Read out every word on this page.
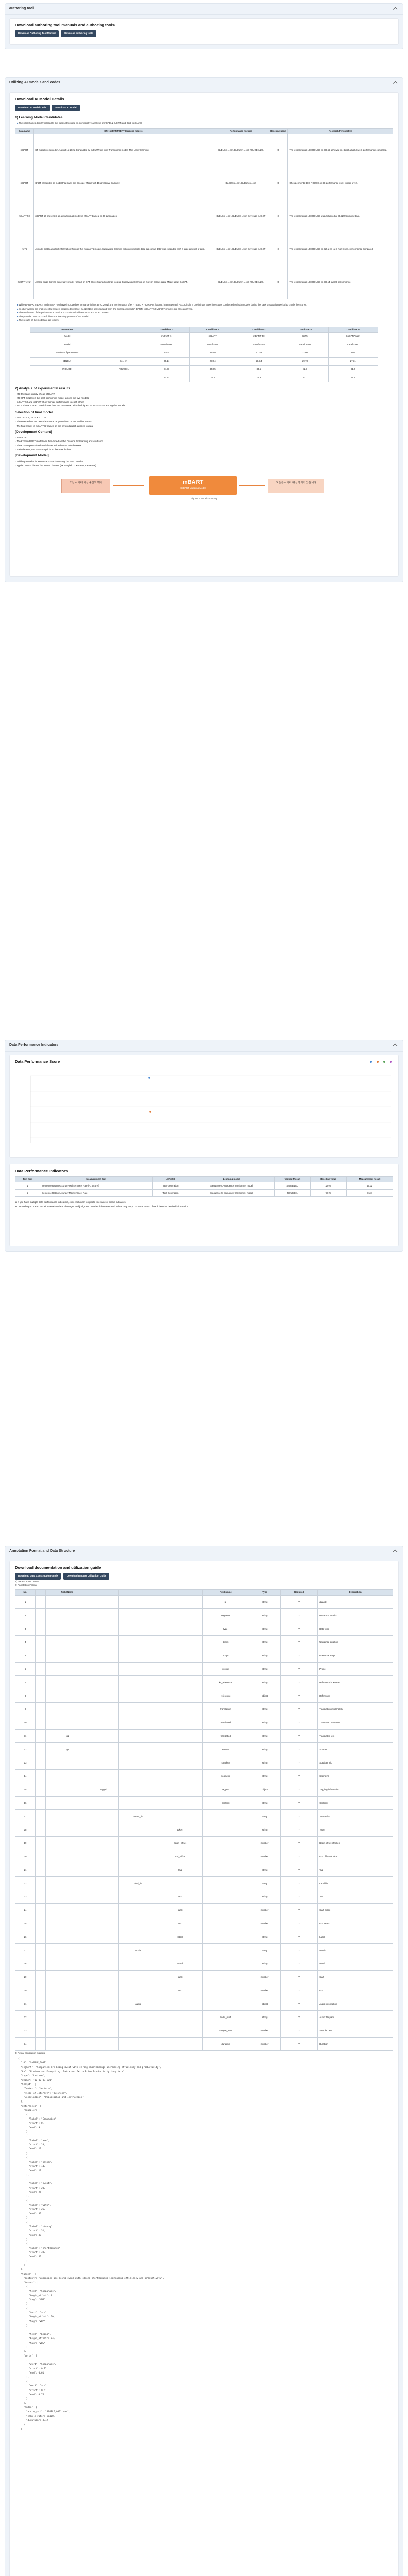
authoring tool
Download authoring tool manuals and authoring tools
Download Authoring Tool Manual	Download authoring tools
Utilizing AI models and codes
Download AI Model Details
Download AI Model Code	Download AI Model
1) Learning Model Candidates

■ The pilot studies directly related to this dataset focused on comparative analysis of mCAD & (LSTM) and Bart-to (KLUE).

Data name	KR+ mBART/BERT learning models	Performance metrics	Baseline used	Research Perspective
mBART	KT model presented in August 1st 2021, Conducted by mBART-fine-tune Transformer model. The Lenny learning.	BLEU(ko→en), BLEU(en→ko) ROUGE 1/2/L	O	The experimental 180 ROUGE on 88.66 achieved on its (at a high level), performance compared.
mBART	BART presented as model that trains the Encoder Model with Bi-directional Encoder.	BLEU(ko→en), BLEU(en→ko)	O	Of experimental 180 ROUGE on 88 performance level (upper-level).
mBART-50	mBART-50 presented as a multilingual model in MBART trained on 50 languages.	BLEU(ko→en), BLEU(en→ko) Coverage % GSP	X	The experimental 180 ROUGE was achieved at 85.22 training setting.
KoT5	A model that learns text information through the Korean T5 model. Supervised learning with only multiple data, as corpus data was expanded with a large amount of data.	BLEU(ko→en), BLEU(en→ko) Coverage % GSP	X	The experimental 100 ROUGE on 82 at its (at a high level), performance compared.
KoGPT(*eval)	A large-scale Korean generative model (based on GPT-3) pre-trained on large corpus. Supervised learning on Korean corpus data. Model used: KoGPT.	BLEU(ko→en), BLEU(en→ko) ROUGE 1/2/L	O	The experimental 180 ROUGE on 88.14 overall performance.
■ While BART-K, mBART, and mBART-50 have improved performance in line at (C, 2021), the performance of KT-T5 and KT-KoGPT4 has not been reported. Accordingly, a preliminary experiment was conducted on both models during the task preparation period to check the scores.
■ In other words, the final selected models proposed by Kai et al. (2021) is selected and from the corresponding KR-BARTs (mBART-50 MBART) models are also analyzed.
■ The evaluation of the performance metrics is conducted with ROUGE and BLEU scores.
■ The provided source code follows the learning process of the model.
■ The results of the model are as follows.
evaluation		Candidate 1	Candidate 2	Candidate 3	Candidate 4	Candidate 5
Model		mBART-K	mBART	mBART-50	KoT5	KoGPT(*eval)
Model		transformer	transformer	transformer	transformer	transformer
Number of parameters		124M	610M	611M	275M	6.0B
(BLEU)	ko→en	30.14	29.04	28.34	29.73	27.31
(ROUGE)	ROUGE-L	84.37	84.05	83.5	82.7	81.2
		77.71	76.1	75.3	73.0	71.5
2) Analysis of experimental results
- KR: 55 stage slightly ahead of BART.
- KR GPT Display is the best-performing model among the five models.
- mBART-50 and mBART show similar performance to each other.
- KoT5 shows a BLEU result lower than the mBART-K, with the highest ROUGE score among the models.
Selection of final model
- BART-K & 1, 2021. Ko → En.
- The selected model uses the mBART-K pretrained model and its variant.
- The final model is mBART-K trained on the given dataset, applied to data.
[Development Content]
- mBART-K
- The Korean BART model was fine-tuned as the baseline for learning and validation.
- The Korean pre-trained model was trained on AI Hub datasets.
- Train dataset, test dataset split from the AI Hub data.
[Development Model]
- Building a model for sentence correction using the BART model.
- Applied to text data of the AI Hub dataset (ex. English ↔ Korean, mBART-K).
오늘 사이버 예실 숭인도 행사	mBART
KoBART Mapping Model
오늘은 사이버 예실 행사가 있습니다
Figure: 5 Model summary
Data Performance Indicators
Data Performance Score

Data Performance Indicators
Test Item	Measurement item	AI TASK	Learning model	Verified Result	Baseline value	Measurement result
1	Sentence Rating Accuracy Maintenance Rate (F1 Score)	Text Generation	Sequence-to-sequence transformer model	SacreBLEU	20 %	49.02
2	Sentence Rating Accuracy Maintenance Rate	Text Generation	Sequence-to-sequence transformer model	ROUGE-L	70 %	81.3
※ If you have multiple data performance indicators, click each item to update the value of those indicators.
※ Depending on the AI model evaluation data, the target and judgment criteria of the measured values may vary. Go to the menu of each item for detailed information.
Annotation Format and Data Structure
Download documentation and utilization guide
Download Data Construction Guide	Download Dataset Utilization Guide

1) Data Format: JSON

2) Annotation Format

No.		Field Name				Field name	Type	Required	Description
1						id	string	Y	data id
2						segment	string	Y	utterance location
3						type	string	Y	Data type
4						dtime	string	Y	Utterance duration
5						script	string	Y	Utterance script
6						profile	string	Y	Profile
7						ko_reference	string	Y	Reference in Korean
8						reference	object	Y	Reference
9						translation	string	Y	Translation into English
10						translated	string	Y	Translated sentence
11		tg1				translated	string	Y	Translated text
12		tg2				source	string	Y	Source
13						speaker	string	Y	Speaker info
14						segment	string	Y	Segment
15			tagged			tagged	object	Y	Tagging information
16						content	string	Y	Content
17				tokens_list			array	Y	Tokens list
18					token		string	Y	Token
19					begin_offset		number	Y	Begin offset of token
20					end_offset		number	Y	End offset of token
21					tag		string	Y	Tag
22				label_list			array	Y	Label list
23					text		string	Y	Text
24					start		number	Y	Start index
25					end		number	Y	End index
26					label		string	Y	Label
27				words			array	Y	Words
28					word		string	Y	Word
29					start		number	Y	Start
30					end		number	Y	End
31				audio			object	Y	Audio information
32						audio_path	string	Y	Audio file path
33						sample_rate	number	Y	Sample rate
34						duration	number	Y	Duration

3) Actual annotation example

{
"id": "SAMPLE_0001",
"segment": "Companies are being swept with strong shortcomings increasing efficiency and productivity",
"ko": "Minimum and Everything' Extra and Extra Price Productivity long term",
"type": "Lecture",
"dtime": "00:00:03.120",
"Script": {
"Context": "Lecture",
"Field of Interest": "Business",
"Description": "Philosophic and Instruction"
},
"utterances": [
"example": [
{
"label": "Companies",
"start": 0,
"end": 9
},
{
"label": "are",
"start": 10,
"end": 13
},
{
"label": "being",
"start": 14,
"end": 19
},
{
"label": "swept",
"start": 20,
"end": 25
},
{
"label": "with",
"start": 26,
"end": 30
},
{
"label": "strong",
"start": 31,
"end": 37
},
{
"label": "shortcomings",
"start": 38,
"end": 50
}
]
},
"tagged": {
"content": "Companies are being swept with strong shortcomings increasing efficiency and productivity",
"tokens": [
{
"text": "Companies",
"begin_offset": 0,
"tag": "NNG"
},
{
"text": "are",
"begin_offset": 10,
"tag": "VBP"
},
{
"text": "being",
"begin_offset": 14,
"tag": "VBG"
}
],
"words": [
{
"word": "Companies",
"start": 0.12,
"end": 0.61
},
{
"word": "are",
"start": 0.61,
"end": 0.74
}
],
"audio": {
"audio_path": "SAMPLE_0001.wav",
"sample_rate": 16000,
"duration": 3.12
}
}
}
